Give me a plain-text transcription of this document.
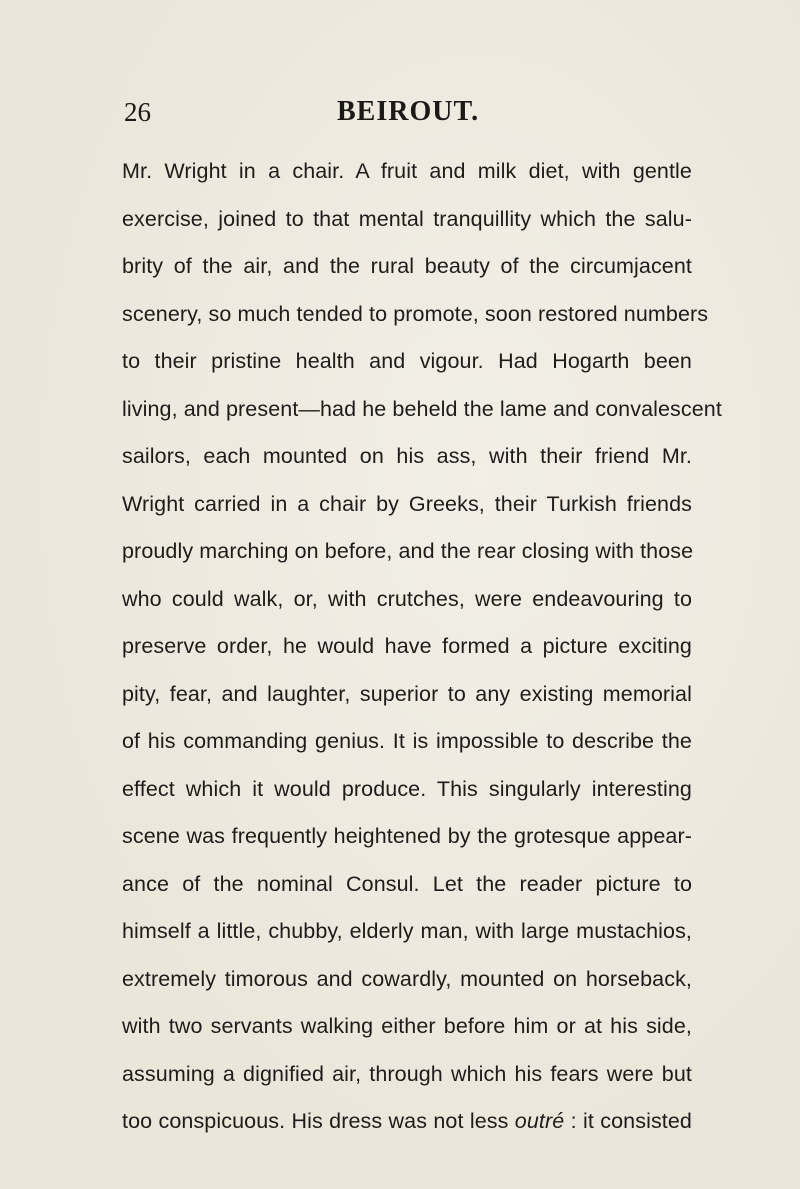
26	BEIROUT.
Mr. Wright in a chair. A fruit and milk diet, with gentle
exercise, joined to that mental tranquillity which the salu-
brity of the air, and the rural beauty of the circumjacent
scenery, so much tended to promote, soon restored numbers
to their pristine health and vigour. Had Hogarth been
living, and present—had he beheld the lame and convalescent
sailors, each mounted on his ass, with their friend Mr.
Wright carried in a chair by Greeks, their Turkish friends
proudly marching on before, and the rear closing with those
who could walk, or, with crutches, were endeavouring to
preserve order, he would have formed a picture exciting
pity, fear, and laughter, superior to any existing memorial
of his commanding genius. It is impossible to describe the
effect which it would produce. This singularly interesting
scene was frequently heightened by the grotesque appear-
ance of the nominal Consul. Let the reader picture to
himself a little, chubby, elderly man, with large mustachios,
extremely timorous and cowardly, mounted on horseback,
with two servants walking either before him or at his side,
assuming a dignified air, through which his fears were but
too conspicuous. His dress was not less outré : it consisted
